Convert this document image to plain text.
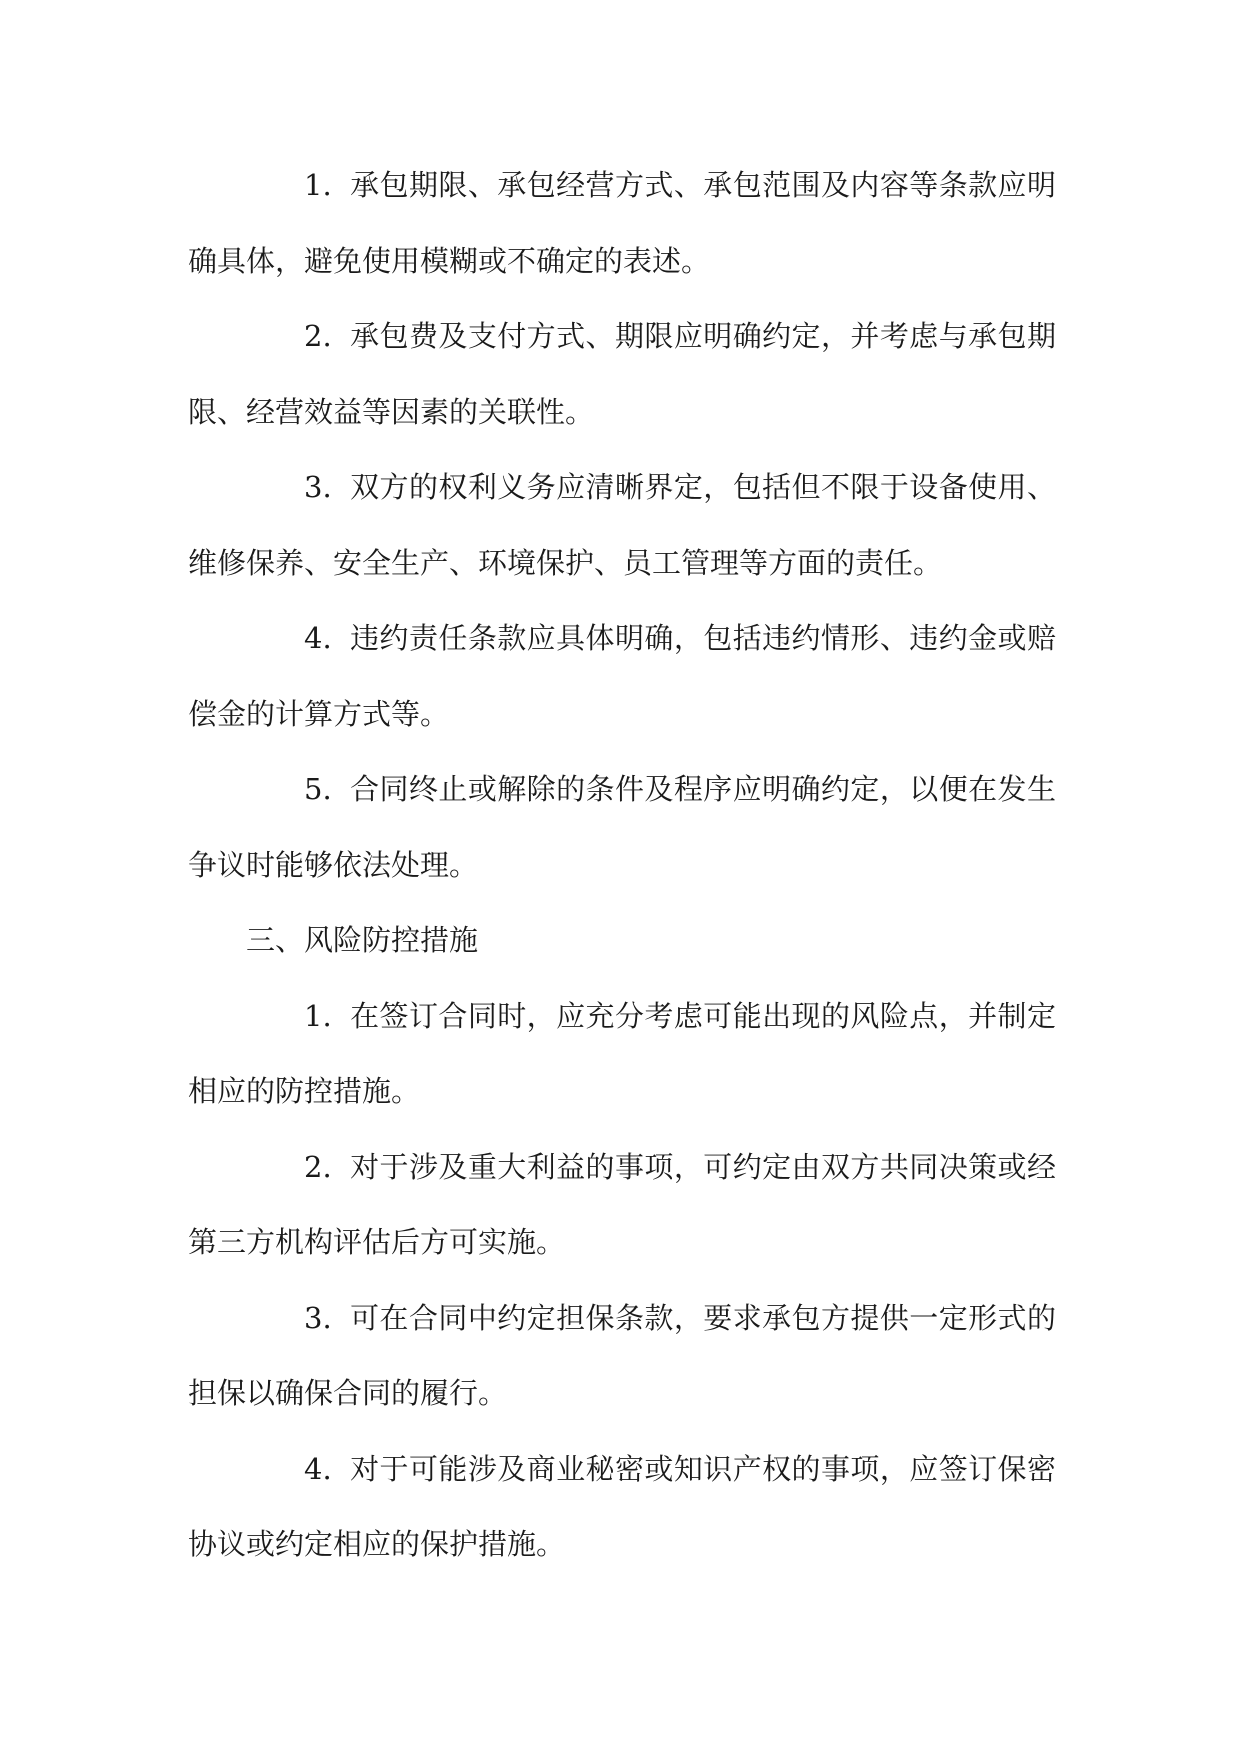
1. 承包期限、承包经营方式、承包范围及内容等条款应明确具体，避免使用模糊或不确定的表述。

2. 承包费及支付方式、期限应明确约定，并考虑与承包期限、经营效益等因素的关联性。

3. 双方的权利义务应清晰界定，包括但不限于设备使用、维修保养、安全生产、环境保护、员工管理等方面的责任。

4. 违约责任条款应具体明确，包括违约情形、违约金或赔偿金的计算方式等。

5. 合同终止或解除的条件及程序应明确约定，以便在发生争议时能够依法处理。

三、风险防控措施

1. 在签订合同时，应充分考虑可能出现的风险点，并制定相应的防控措施。

2. 对于涉及重大利益的事项，可约定由双方共同决策或经第三方机构评估后方可实施。

3. 可在合同中约定担保条款，要求承包方提供一定形式的担保以确保合同的履行。

4. 对于可能涉及商业秘密或知识产权的事项，应签订保密协议或约定相应的保护措施。
